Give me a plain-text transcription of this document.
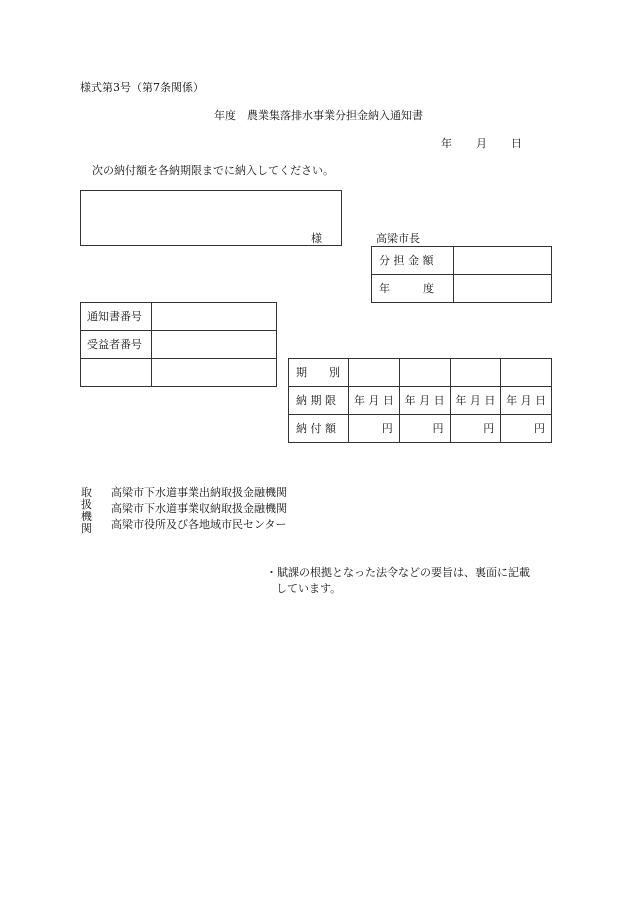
様式第3号（第7条関係）
年度　農業集落排水事業分担金納入通知書
年 月 日
次の納付額を各納期限までに納入してください。
様	高梁市長
分 担 金 額	
年　　　度	
通知書番号	
受益者番号	

期　　別				
納 期 限	年 月 日	年 月 日	年 月 日	年 月 日
納 付 額	円	円	円	円
取
扱
機
関
高梁市下水道事業出納取扱金融機関
高梁市下水道事業収納取扱金融機関
高梁市役所及び各地域市民センター
・賦課の根拠となった法令などの要旨は、裏面に記載
しています。
